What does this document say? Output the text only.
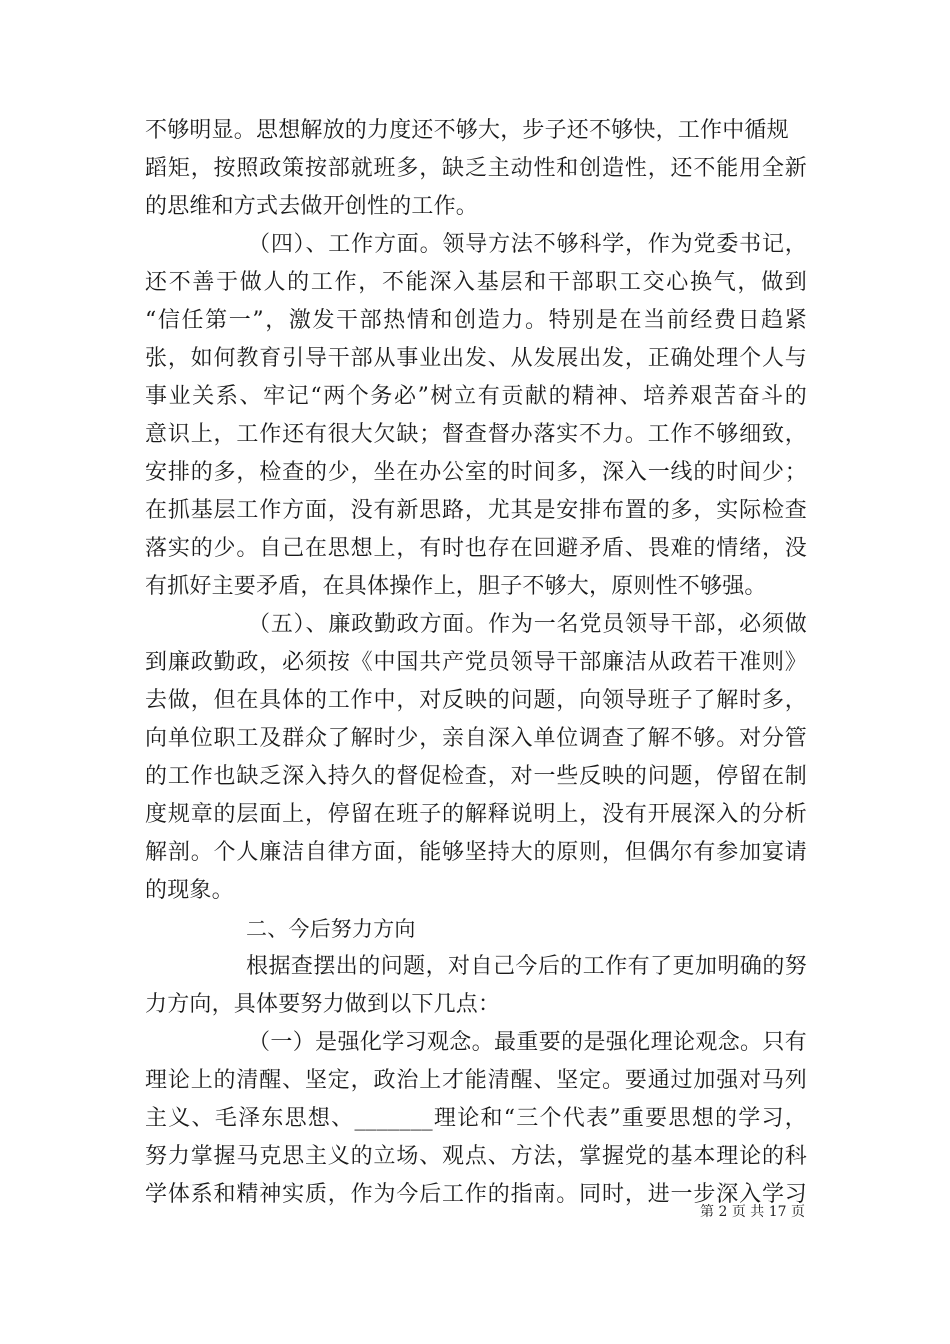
不够明显。思想解放的力度还不够大，步子还不够快，工作中循规
蹈矩，按照政策按部就班多，缺乏主动性和创造性，还不能用全新
的思维和方式去做开创性的工作。
（四）、工作方面。领导方法不够科学，作为党委书记，
还不善于做人的工作，不能深入基层和干部职工交心换气，做到
“信任第一”，激发干部热情和创造力。特别是在当前经费日趋紧
张，如何教育引导干部从事业出发、从发展出发，正确处理个人与
事业关系、牢记“两个务必”树立有贡献的精神、培养艰苦奋斗的
意识上，工作还有很大欠缺；督查督办落实不力。工作不够细致，
安排的多，检查的少，坐在办公室的时间多，深入一线的时间少；
在抓基层工作方面，没有新思路，尤其是安排布置的多，实际检查
落实的少。自己在思想上，有时也存在回避矛盾、畏难的情绪，没
有抓好主要矛盾，在具体操作上，胆子不够大，原则性不够强。
（五）、廉政勤政方面。作为一名党员领导干部，必须做
到廉政勤政，必须按《中国共产党员领导干部廉洁从政若干准则》
去做，但在具体的工作中，对反映的问题，向领导班子了解时多，
向单位职工及群众了解时少，亲自深入单位调查了解不够。对分管
的工作也缺乏深入持久的督促检查，对一些反映的问题，停留在制
度规章的层面上，停留在班子的解释说明上，没有开展深入的分析
解剖。个人廉洁自律方面，能够坚持大的原则，但偶尔有参加宴请
的现象。
二、今后努力方向
根据查摆出的问题，对自己今后的工作有了更加明确的努
力方向，具体要努力做到以下几点：
（一）是强化学习观念。最重要的是强化理论观念。只有
理论上的清醒、坚定，政治上才能清醒、坚定。要通过加强对马列
主义、毛泽东思想、_______理论和“三个代表”重要思想的学习，
努力掌握马克思主义的立场、观点、方法，掌握党的基本理论的科
学体系和精神实质，作为今后工作的指南。同时，进一步深入学习
第 2 页 共 17 页
